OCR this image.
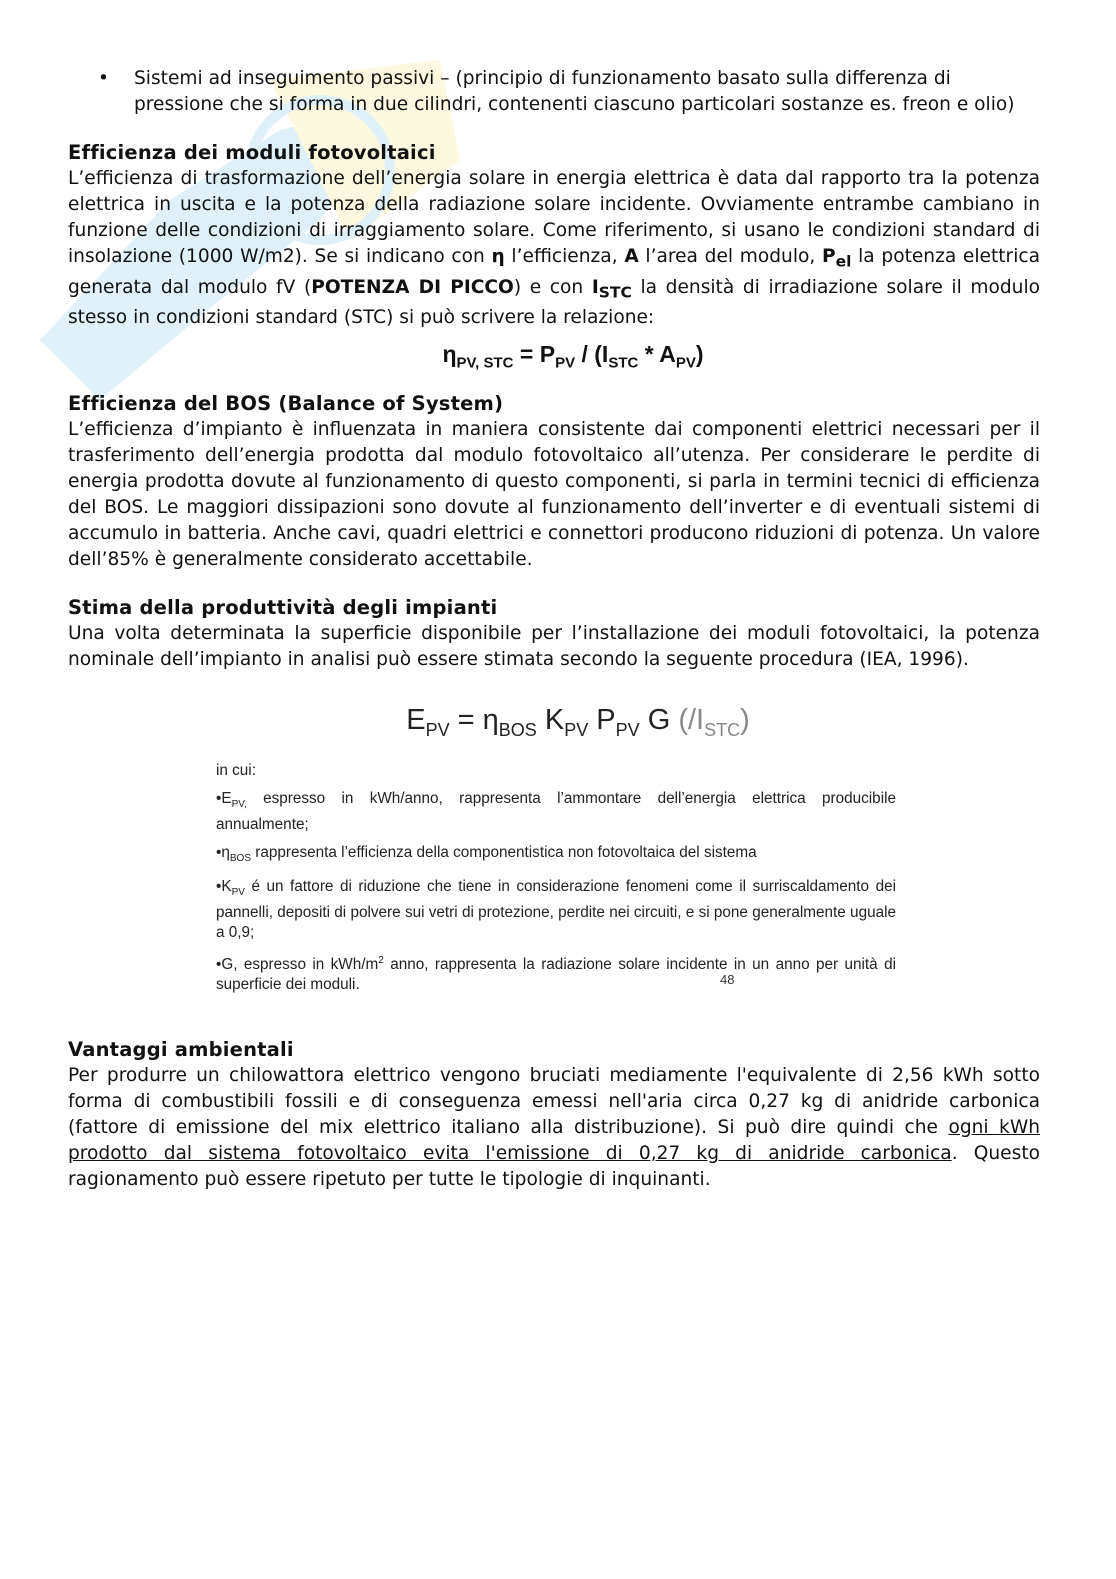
• Sistemi ad inseguimento passivi – (principio di funzionamento basato sulla differenza di pressione che si forma in due cilindri, contenenti ciascuno particolari sostanze es. freon e olio)

Efficienza dei moduli fotovoltaici

L’efficienza di trasformazione dell’energia solare in energia elettrica è data dal rapporto tra la potenza elettrica in uscita e la potenza della radiazione solare incidente. Ovviamente entrambe cambiano in funzione delle condizioni di irraggiamento solare. Come riferimento, si usano le condizioni standard di insolazione (1000 W/m2). Se si indicano con η l’efficienza, A l’area del modulo, $P_{el}$ la potenza elettrica generata dal modulo fV (POTENZA DI PICCO) e con $I_{STC}$ la densità di irradiazione solare il modulo stesso in condizioni standard (STC) si può scrivere la relazione:

$\eta_{PV, STC} = P_{PV} / (I_{STC} * A_{PV})$
Efficienza del BOS (Balance of System)

L’efficienza d’impianto è influenzata in maniera consistente dai componenti elettrici necessari per il trasferimento dell’energia prodotta dal modulo fotovoltaico all’utenza. Per considerare le perdite di energia prodotta dovute al funzionamento di questo componenti, si parla in termini tecnici di efficienza del BOS. Le maggiori dissipazioni sono dovute al funzionamento dell’inverter e di eventuali sistemi di accumulo in batteria. Anche cavi, quadri elettrici e connettori producono riduzioni di potenza. Un valore dell’85% è generalmente considerato accettabile.

Stima della produttività degli impianti

Una volta determinata la superficie disponibile per l’installazione dei moduli fotovoltaici, la potenza nominale dell’impianto in analisi può essere stimata secondo la seguente procedura (IEA, 1996).

$E_{PV} = \eta_{BOS}$ $K_{PV}$ $P_{PV}$ G $(/I_{STC})$
in cui:
$•E_{PV,}$ espresso in kWh/anno, rappresenta l’ammontare dell’energia elettrica producibile annualmente;
$•\eta_{BOS}$ rappresenta l’efficienza della componentistica non fotovoltaica del sistema
$•K_{PV}$ é un fattore di riduzione che tiene in considerazione fenomeni come il surriscaldamento dei pannelli, depositi di polvere sui vetri di protezione, perdite nei circuiti, e si pone generalmente uguale a 0,9;
•G, espresso in kWh/$m^2$ anno, rappresenta la radiazione solare incidente in un anno per unità di superficie dei moduli.	48
Vantaggi ambientali

Per produrre un chilowattora elettrico vengono bruciati mediamente l'equivalente di 2,56 kWh sotto forma di combustibili fossili e di conseguenza emessi nell'aria circa 0,27 kg di anidride carbonica (fattore di emissione del mix elettrico italiano alla distribuzione). Si può dire quindi che ogni kWh prodotto dal sistema fotovoltaico evita l'emissione di 0,27 kg di anidride carbonica. Questo ragionamento può essere ripetuto per tutte le tipologie di inquinanti.
